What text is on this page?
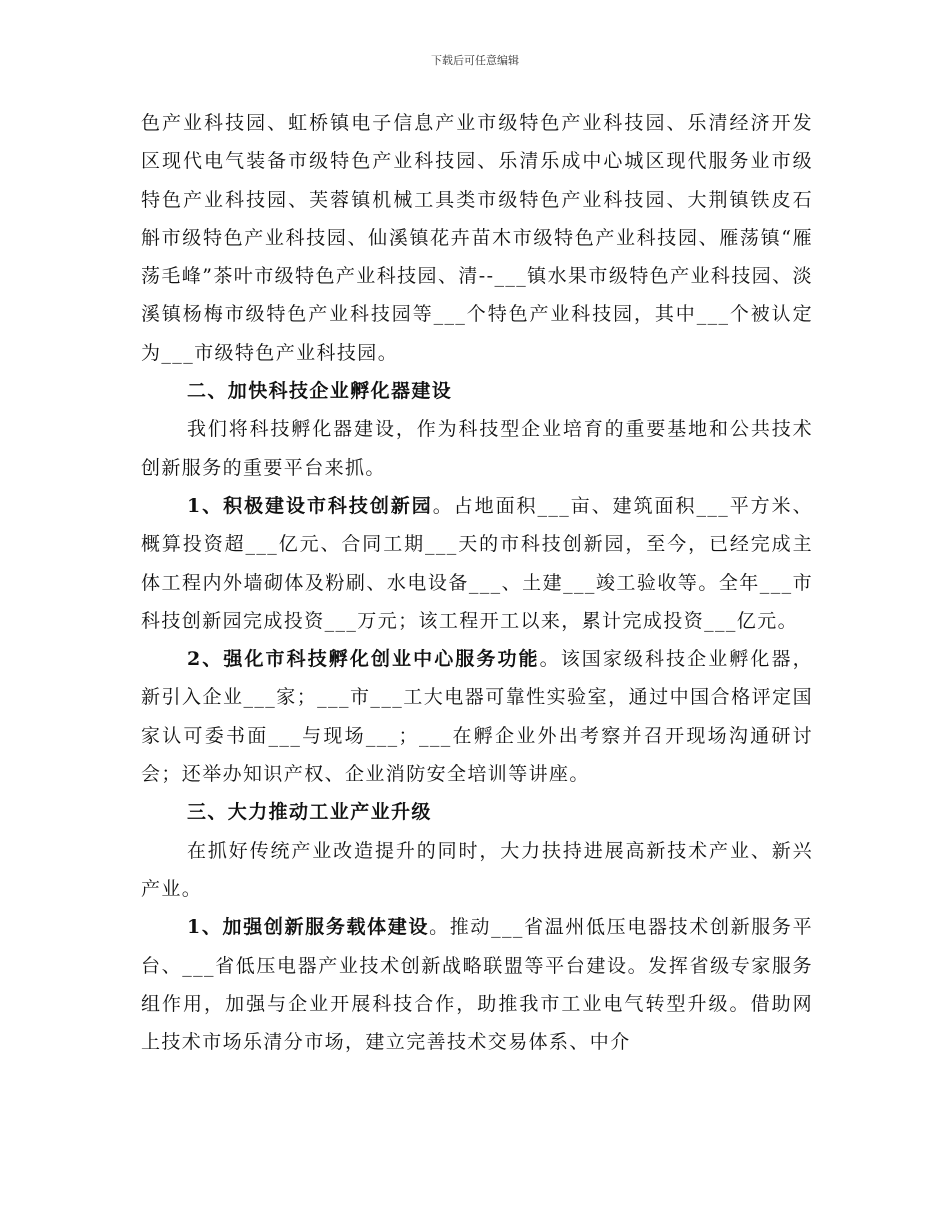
下载后可任意编辑

色产业科技园、虹桥镇电子信息产业市级特色产业科技园、乐清经济开发区现代电气装备市级特色产业科技园、乐清乐成中心城区现代服务业市级特色产业科技园、芙蓉镇机械工具类市级特色产业科技园、大荆镇铁皮石斛市级特色产业科技园、仙溪镇花卉苗木市级特色产业科技园、雁荡镇“雁荡毛峰”茶叶市级特色产业科技园、清--___镇水果市级特色产业科技园、淡溪镇杨梅市级特色产业科技园等___个特色产业科技园，其中___个被认定为___市级特色产业科技园。

二、加快科技企业孵化器建设

我们将科技孵化器建设，作为科技型企业培育的重要基地和公共技术创新服务的重要平台来抓。

1、积极建设市科技创新园。占地面积___亩、建筑面积___平方米、概算投资超___亿元、合同工期___天的市科技创新园，至今，已经完成主体工程内外墙砌体及粉刷、水电设备___、土建___竣工验收等。全年___市科技创新园完成投资___万元；该工程开工以来，累计完成投资___亿元。

2、强化市科技孵化创业中心服务功能。该国家级科技企业孵化器，新引入企业___家；___市___工大电器可靠性实验室，通过中国合格评定国家认可委书面___与现场___；___在孵企业外出考察并召开现场沟通研讨会；还举办知识产权、企业消防安全培训等讲座。

三、大力推动工业产业升级

在抓好传统产业改造提升的同时，大力扶持进展高新技术产业、新兴产业。

1、加强创新服务载体建设。推动___省温州低压电器技术创新服务平台、___省低压电器产业技术创新战略联盟等平台建设。发挥省级专家服务组作用，加强与企业开展科技合作，助推我市工业电气转型升级。借助网上技术市场乐清分市场，建立完善技术交易体系、中介
